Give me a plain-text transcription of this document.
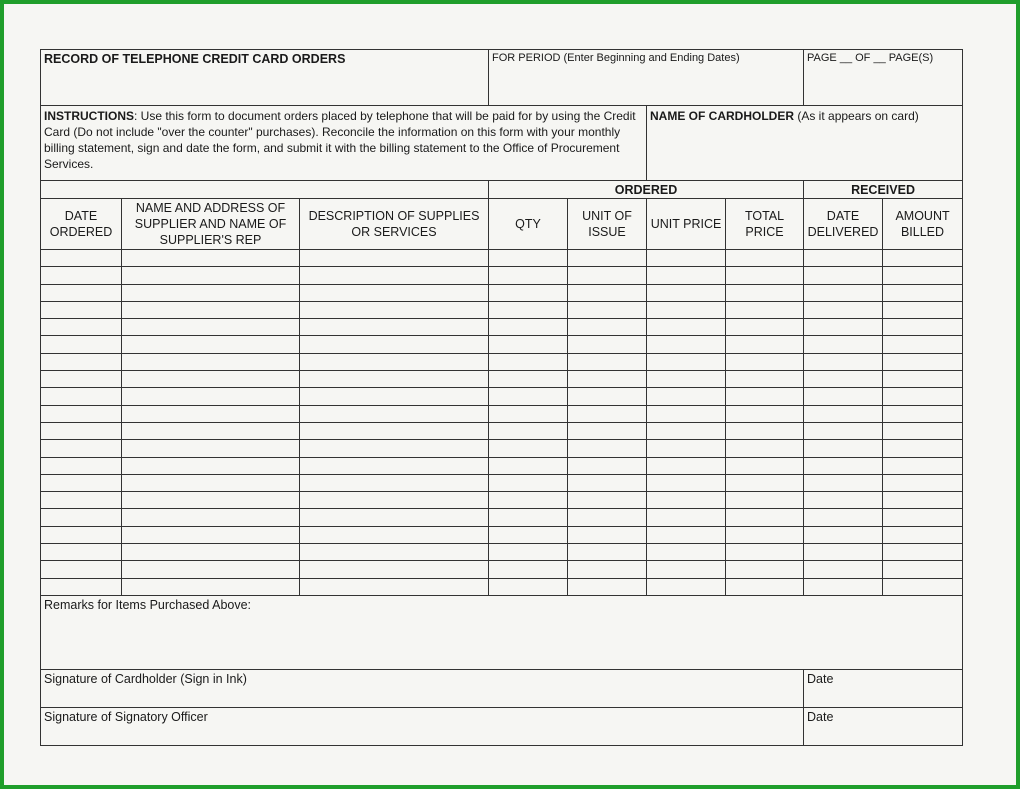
RECORD OF TELEPHONE CREDIT CARD ORDERS			FOR PERIOD (Enter Beginning and Ending Dates)				PAGE __ OF __ PAGE(S)	
INSTRUCTIONS: Use this form to document orders placed by telephone that will be paid for by using the Credit Card (Do not include "over the counter" purchases). Reconcile the information on this form with your monthly billing statement, sign and date the form, and submit it with the billing statement to the Office of Procurement Services.					NAME OF CARDHOLDER (As it appears on card)			
			ORDERED				RECEIVED	
DATE ORDERED	NAME AND ADDRESS OF SUPPLIER AND NAME OF SUPPLIER'S REP	DESCRIPTION OF SUPPLIES OR SERVICES	QTY	UNIT OF ISSUE	UNIT PRICE	TOTAL PRICE	DATE DELIVERED	AMOUNT BILLED

Remarks for Items Purchased Above:								
Signature of Cardholder (Sign in Ink)							Date	
Signature of Signatory Officer							Date	
